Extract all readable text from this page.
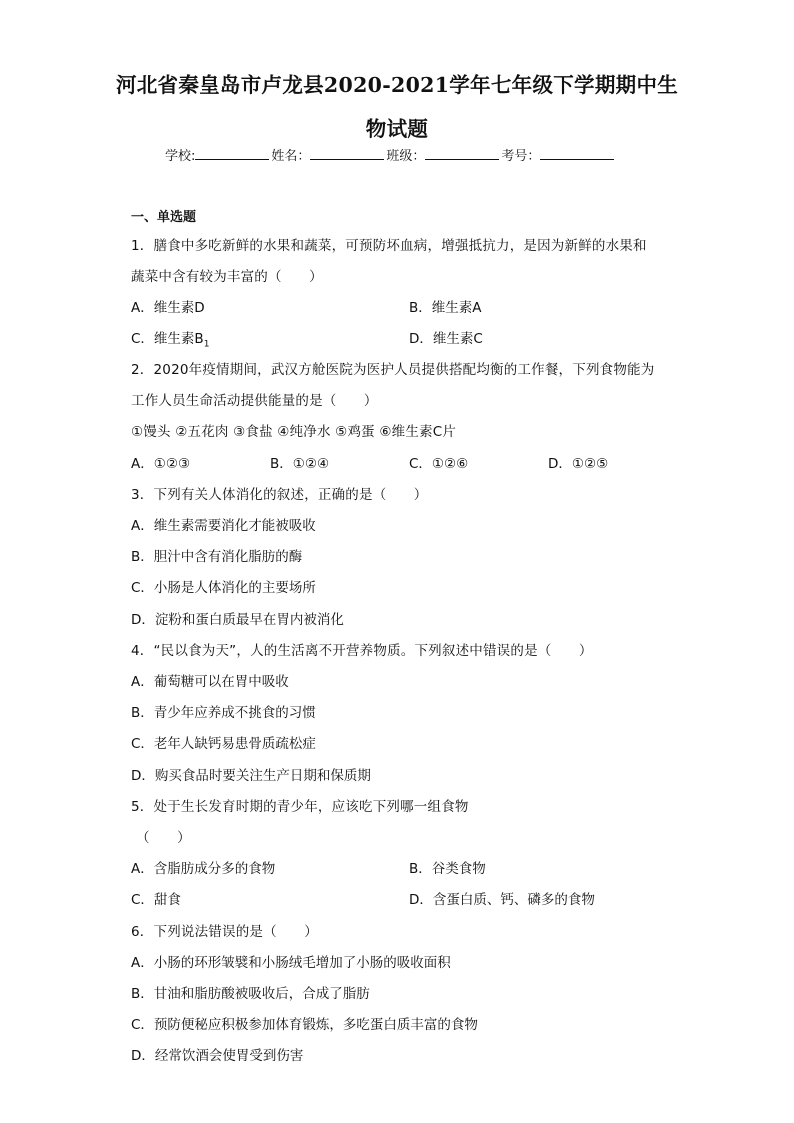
河北省秦皇岛市卢龙县2020-2021学年七年级下学期期中生
物试题
学校:	姓名：	班级：	考号：
一、单选题
1．膳食中多吃新鲜的水果和蔬菜，可预防坏血病，增强抵抗力，是因为新鲜的水果和
蔬菜中含有较为丰富的（　　）
A．维生素D	B．维生素A
C．维生素$B_1$	D．维生素C
2．2020年疫情期间，武汉方舱医院为医护人员提供搭配均衡的工作餐，下列食物能为
工作人员生命活动提供能量的是（　　）
①馒头 ②五花肉 ③食盐 ④纯净水 ⑤鸡蛋 ⑥维生素C片
A．①②③	B．①②④	C．①②⑥	D．①②⑤
3．下列有关人体消化的叙述，正确的是（　　）
A．维生素需要消化才能被吸收
B．胆汁中含有消化脂肪的酶
C．小肠是人体消化的主要场所
D．淀粉和蛋白质最早在胃内被消化
4．“民以食为天”，人的生活离不开营养物质。下列叙述中错误的是（　　）
A．葡萄糖可以在胃中吸收
B．青少年应养成不挑食的习惯
C．老年人缺钙易患骨质疏松症
D．购买食品时要关注生产日期和保质期
5．处于生长发育时期的青少年，应该吃下列哪一组食物
（　　）
A．含脂肪成分多的食物	B．谷类食物
C．甜食	D．含蛋白质、钙、磷多的食物
6．下列说法错误的是（　　）
A．小肠的环形皱襞和小肠绒毛增加了小肠的吸收面积
B．甘油和脂肪酸被吸收后，合成了脂肪
C．预防便秘应积极参加体育锻炼，多吃蛋白质丰富的食物
D．经常饮酒会使胃受到伤害
